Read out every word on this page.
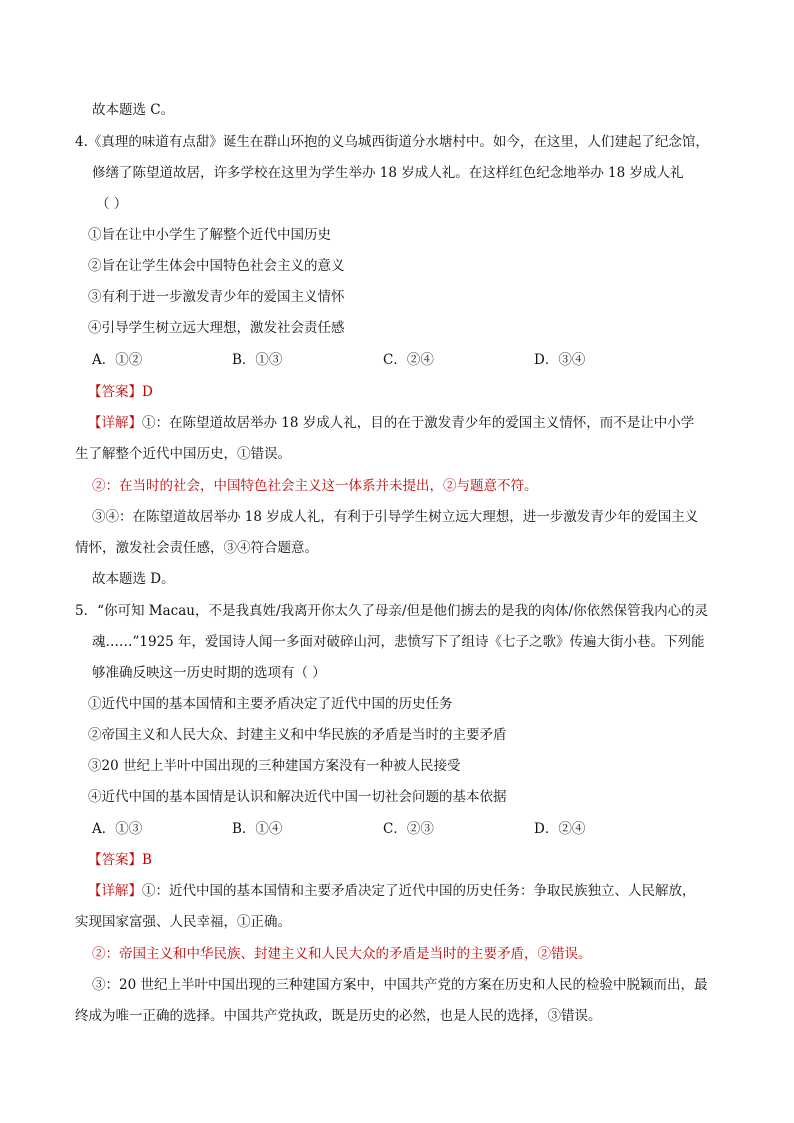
故本题选 C。
4.《真理的味道有点甜》诞生在群山环抱的义乌城西街道分水塘村中。如今，在这里，人们建起了纪念馆，
修缮了陈望道故居，许多学校在这里为学生举办 18 岁成人礼。在这样红色纪念地举办 18 岁成人礼
（ ）
①旨在让中小学生了解整个近代中国历史
②旨在让学生体会中国特色社会主义的意义
③有利于进一步激发青少年的爱国主义情怀
④引导学生树立远大理想，激发社会责任感
A．①②	B．①③	C．②④	D．③④
【答案】D
【详解】①：在陈望道故居举办 18 岁成人礼，目的在于激发青少年的爱国主义情怀，而不是让中小学
生了解整个近代中国历史，①错误。
②：在当时的社会，中国特色社会主义这一体系并未提出，②与题意不符。
③④：在陈望道故居举办 18 岁成人礼，有利于引导学生树立远大理想，进一步激发青少年的爱国主义
情怀，激发社会责任感，③④符合题意。
故本题选 D。
5．“你可知 Macau，不是我真姓/我离开你太久了母亲/但是他们掳去的是我的肉体/你依然保管我内心的灵
魂……”1925 年，爱国诗人闻一多面对破碎山河，悲愤写下了组诗《七子之歌》传遍大街小巷。下列能
够准确反映这一历史时期的选项有（ ）
①近代中国的基本国情和主要矛盾决定了近代中国的历史任务
②帝国主义和人民大众、封建主义和中华民族的矛盾是当时的主要矛盾
③20 世纪上半叶中国出现的三种建国方案没有一种被人民接受
④近代中国的基本国情是认识和解决近代中国一切社会问题的基本依据
A．①③	B．①④	C．②③	D．②④
【答案】B
【详解】①：近代中国的基本国情和主要矛盾决定了近代中国的历史任务：争取民族独立、人民解放，
实现国家富强、人民幸福，①正确。
②：帝国主义和中华民族、封建主义和人民大众的矛盾是当时的主要矛盾，②错误。
③：20 世纪上半叶中国出现的三种建国方案中，中国共产党的方案在历史和人民的检验中脱颖而出，最
终成为唯一正确的选择。中国共产党执政，既是历史的必然，也是人民的选择，③错误。
